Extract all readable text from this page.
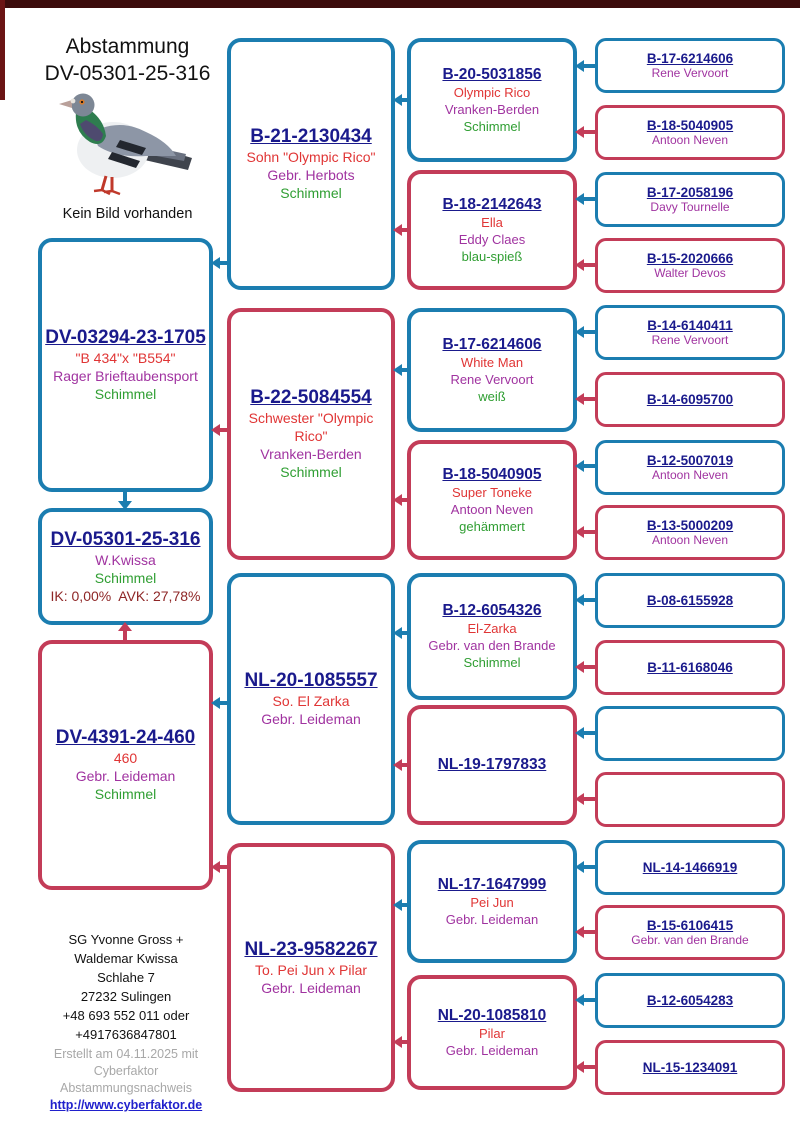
Abstammung
DV-05301-25-316
Kein Bild vorhanden
DV-05301-25-316
W.Kwissa
Schimmel
IK: 0,00%  AVK: 27,78%
DV-03294-23-1705
"B 434"x "B554"
Rager Brieftaubensport
Schimmel
DV-4391-24-460
460
Gebr. Leideman
Schimmel
B-21-2130434
Sohn "Olympic Rico"
Gebr. Herbots
Schimmel
B-22-5084554
Schwester "Olympic Rico"
Vranken-Berden
Schimmel
NL-20-1085557
So. El Zarka
Gebr. Leideman
NL-23-9582267
To. Pei Jun x Pilar
Gebr. Leideman
B-20-5031856
Olympic Rico
Vranken-Berden
Schimmel
B-18-2142643
Ella
Eddy Claes
blau-spieß
B-17-6214606
White Man
Rene Vervoort
weiß
B-18-5040905
Super Toneke
Antoon Neven
gehämmert
B-12-6054326
El-Zarka
Gebr. van den Brande
Schimmel
NL-19-1797833
NL-17-1647999
Pei Jun
Gebr. Leideman
NL-20-1085810
Pilar
Gebr. Leideman
B-17-6214606
Rene Vervoort
B-18-5040905
Antoon Neven
B-17-2058196
Davy Tournelle
B-15-2020666
Walter Devos
B-14-6140411
Rene Vervoort
B-14-6095700
B-12-5007019
Antoon Neven
B-13-5000209
Antoon Neven
B-08-6155928
B-11-6168046
NL-14-1466919
B-15-6106415
Gebr. van den Brande
B-12-6054283
NL-15-1234091
SG Yvonne Gross +
Waldemar Kwissa
Schlahe 7
27232 Sulingen
+48 693 552 011 oder
+4917636847801
Erstellt am 04.11.2025 mit
Cyberfaktor
Abstammungsnachweis
http://www.cyberfaktor.de
